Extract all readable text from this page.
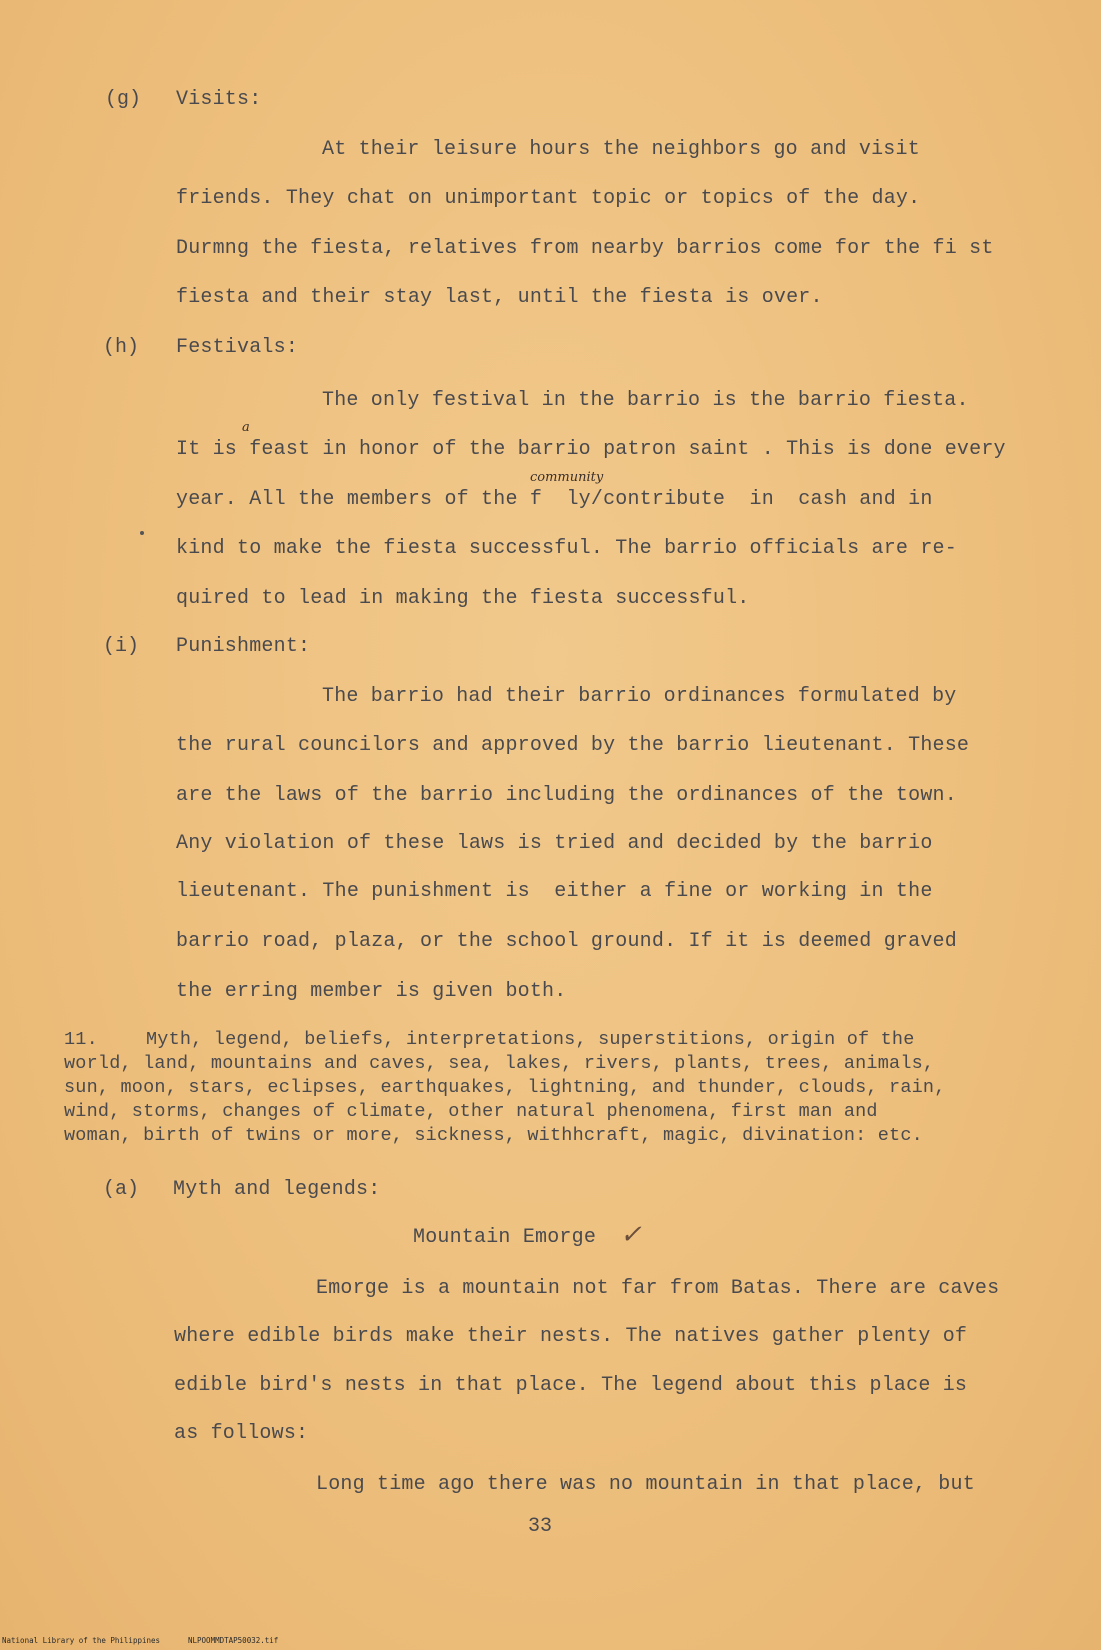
(g) Visits:
At their leisure hours the neighbors go and visit
friends. They chat on unimportant topic or topics of the day.
Durmng the fiesta, relatives from nearby barrios come for the fi st
fiesta and their stay last, until the fiesta is over.
(h) Festivals:
The only festival in the barrio is the barrio fiesta.
a
It is feast in honor of the barrio patron saint . This is done every
community
year. All the members of the f  ly/contribute  in  cash and in
kind to make the fiesta successful. The barrio officials are re-
quired to lead in making the fiesta successful.
(i) Punishment:
The barrio had their barrio ordinances formulated by
the rural councilors and approved by the barrio lieutenant. These
are the laws of the barrio including the ordinances of the town.
Any violation of these laws is tried and decided by the barrio
lieutenant. The punishment is  either a fine or working in the
barrio road, plaza, or the school ground. If it is deemed graved
the erring member is given both.
11.	Myth, legend, beliefs, interpretations, superstitions, origin of the
world, land, mountains and caves, sea, lakes, rivers, plants, trees, animals,
sun, moon, stars, eclipses, earthquakes, lightning, and thunder, clouds, rain,
wind, storms, changes of climate, other natural phenomena, first man and
woman, birth of twins or more, sickness, withhcraft, magic, divination: etc.
(a) Myth and legends:
Mountain Emorge ✓
Emorge is a mountain not far from Batas. There are caves
where edible birds make their nests. The natives gather plenty of
edible bird's nests in that place. The legend about this place is
as follows:
Long time ago there was no mountain in that place, but
33
National Library of the Philippines	NLPOOMMDTAP50032.tif
